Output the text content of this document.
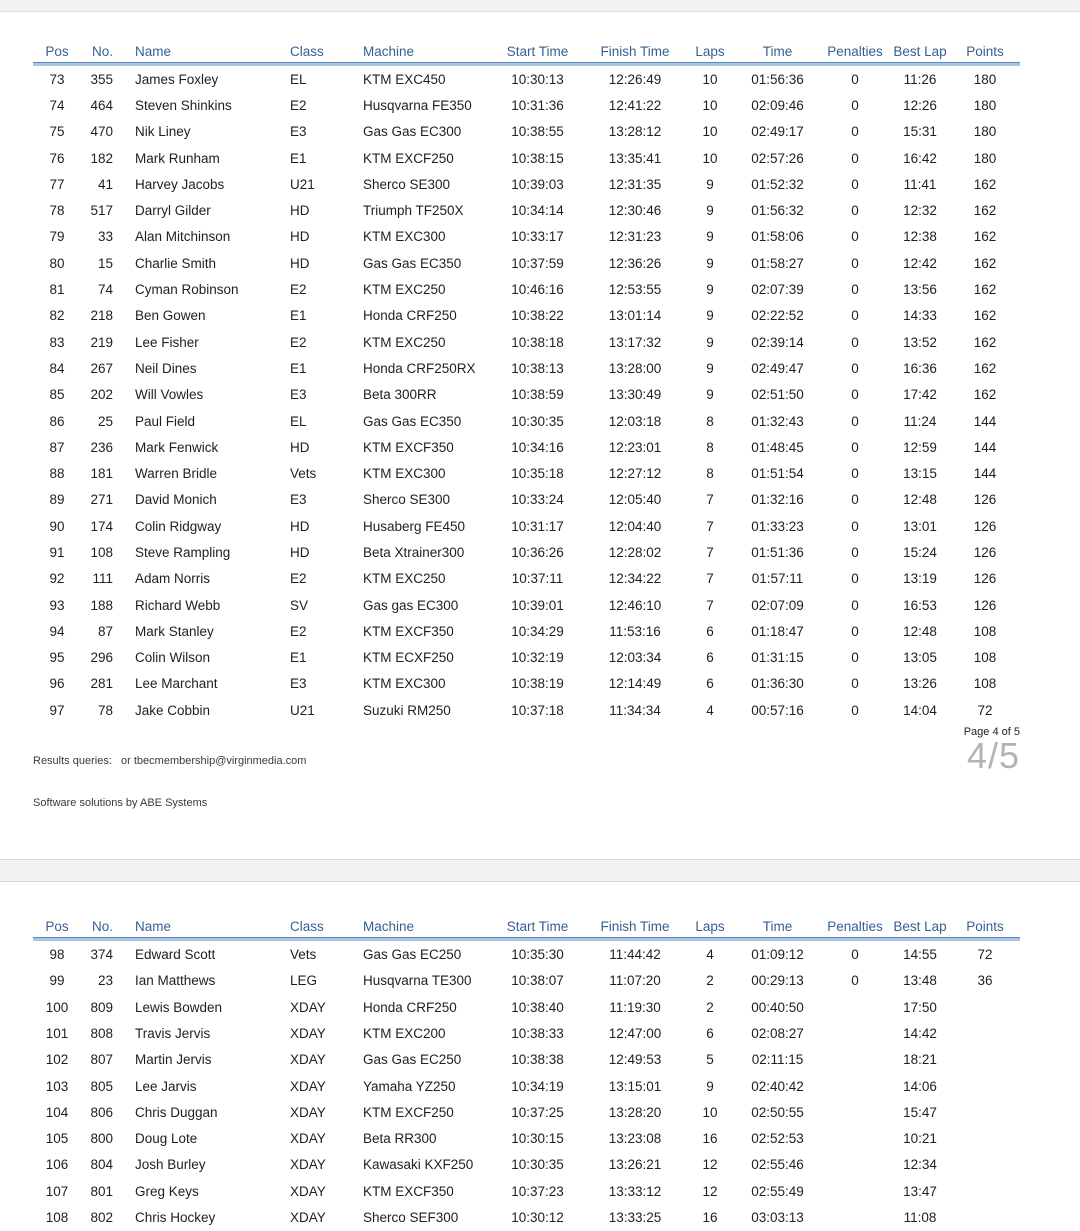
Pos	No.	Name	Class	Machine	Start Time	Finish Time	Laps	Time	Penalties	Best Lap	Points
73	355	James Foxley	EL	KTM EXC450	10:30:13	12:26:49	10	01:56:36	0	11:26	180
74	464	Steven Shinkins	E2	Husqvarna FE350	10:31:36	12:41:22	10	02:09:46	0	12:26	180
75	470	Nik Liney	E3	Gas Gas EC300	10:38:55	13:28:12	10	02:49:17	0	15:31	180
76	182	Mark Runham	E1	KTM EXCF250	10:38:15	13:35:41	10	02:57:26	0	16:42	180
77	41	Harvey Jacobs	U21	Sherco SE300	10:39:03	12:31:35	9	01:52:32	0	11:41	162
78	517	Darryl Gilder	HD	Triumph TF250X	10:34:14	12:30:46	9	01:56:32	0	12:32	162
79	33	Alan Mitchinson	HD	KTM EXC300	10:33:17	12:31:23	9	01:58:06	0	12:38	162
80	15	Charlie Smith	HD	Gas Gas EC350	10:37:59	12:36:26	9	01:58:27	0	12:42	162
81	74	Cyman Robinson	E2	KTM EXC250	10:46:16	12:53:55	9	02:07:39	0	13:56	162
82	218	Ben Gowen	E1	Honda CRF250	10:38:22	13:01:14	9	02:22:52	0	14:33	162
83	219	Lee Fisher	E2	KTM EXC250	10:38:18	13:17:32	9	02:39:14	0	13:52	162
84	267	Neil Dines	E1	Honda CRF250RX	10:38:13	13:28:00	9	02:49:47	0	16:36	162
85	202	Will Vowles	E3	Beta 300RR	10:38:59	13:30:49	9	02:51:50	0	17:42	162
86	25	Paul Field	EL	Gas Gas EC350	10:30:35	12:03:18	8	01:32:43	0	11:24	144
87	236	Mark Fenwick	HD	KTM EXCF350	10:34:16	12:23:01	8	01:48:45	0	12:59	144
88	181	Warren Bridle	Vets	KTM EXC300	10:35:18	12:27:12	8	01:51:54	0	13:15	144
89	271	David Monich	E3	Sherco SE300	10:33:24	12:05:40	7	01:32:16	0	12:48	126
90	174	Colin Ridgway	HD	Husaberg FE450	10:31:17	12:04:40	7	01:33:23	0	13:01	126
91	108	Steve Rampling	HD	Beta Xtrainer300	10:36:26	12:28:02	7	01:51:36	0	15:24	126
92	111	Adam Norris	E2	KTM EXC250	10:37:11	12:34:22	7	01:57:11	0	13:19	126
93	188	Richard Webb	SV	Gas gas EC300	10:39:01	12:46:10	7	02:07:09	0	16:53	126
94	87	Mark Stanley	E2	KTM EXCF350	10:34:29	11:53:16	6	01:18:47	0	12:48	108
95	296	Colin Wilson	E1	KTM ECXF250	10:32:19	12:03:34	6	01:31:15	0	13:05	108
96	281	Lee Marchant	E3	KTM EXC300	10:38:19	12:14:49	6	01:36:30	0	13:26	108
97	78	Jake Cobbin	U21	Suzuki RM250	10:37:18	11:34:34	4	00:57:16	0	14:04	72

Results queries:   or tbecmembership@virginmedia.com

Software solutions by ABE Systems

Page 4 of 5
4/5
Pos	No.	Name	Class	Machine	Start Time	Finish Time	Laps	Time	Penalties	Best Lap	Points
98	374	Edward Scott	Vets	Gas Gas EC250	10:35:30	11:44:42	4	01:09:12	0	14:55	72
99	23	Ian Matthews	LEG	Husqvarna TE300	10:38:07	11:07:20	2	00:29:13	0	13:48	36
100	809	Lewis Bowden	XDAY	Honda CRF250	10:38:40	11:19:30	2	00:40:50		17:50	
101	808	Travis Jervis	XDAY	KTM EXC200	10:38:33	12:47:00	6	02:08:27		14:42	
102	807	Martin Jervis	XDAY	Gas Gas EC250	10:38:38	12:49:53	5	02:11:15		18:21	
103	805	Lee Jarvis	XDAY	Yamaha YZ250	10:34:19	13:15:01	9	02:40:42		14:06	
104	806	Chris Duggan	XDAY	KTM EXCF250	10:37:25	13:28:20	10	02:50:55		15:47	
105	800	Doug Lote	XDAY	Beta RR300	10:30:15	13:23:08	16	02:52:53		10:21	
106	804	Josh Burley	XDAY	Kawasaki KXF250	10:30:35	13:26:21	12	02:55:46		12:34	
107	801	Greg Keys	XDAY	KTM EXCF350	10:37:23	13:33:12	12	02:55:49		13:47	
108	802	Chris Hockey	XDAY	Sherco SEF300	10:30:12	13:33:25	16	03:03:13		11:08	
